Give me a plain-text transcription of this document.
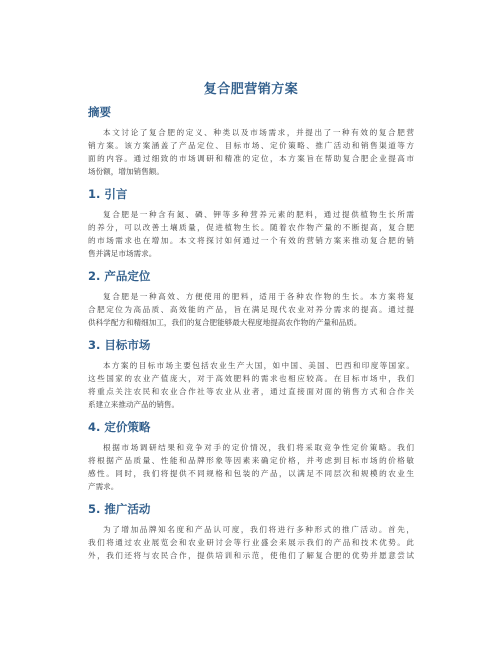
复合肥营销方案
摘要
本文讨论了复合肥的定义、种类以及市场需求，并提出了一种有效的复合肥营
销方案。该方案涵盖了产品定位、目标市场、定价策略、推广活动和销售渠道等方
面的内容。通过细致的市场调研和精准的定位，本方案旨在帮助复合肥企业提高市
场份额，增加销售额。
1. 引言
复合肥是一种含有氮、磷、钾等多种营养元素的肥料，通过提供植物生长所需
的养分，可以改善土壤质量，促进植物生长。随着农作物产量的不断提高，复合肥
的市场需求也在增加。本文将探讨如何通过一个有效的营销方案来推动复合肥的销
售并满足市场需求。
2. 产品定位
复合肥是一种高效、方便使用的肥料，适用于各种农作物的生长。本方案将复
合肥定位为高品质、高效能的产品，旨在满足现代农业对养分需求的提高。通过提
供科学配方和精细加工，我们的复合肥能够最大程度地提高农作物的产量和品质。
3. 目标市场
本方案的目标市场主要包括农业生产大国，如中国、美国、巴西和印度等国家。
这些国家的农业产值庞大，对于高效肥料的需求也相应较高。在目标市场中，我们
将重点关注农民和农业合作社等农业从业者，通过直接面对面的销售方式和合作关
系建立来推动产品的销售。
4. 定价策略
根据市场调研结果和竞争对手的定价情况，我们将采取竞争性定价策略。我们
将根据产品质量、性能和品牌形象等因素来确定价格，并考虑到目标市场的价格敏
感性。同时，我们将提供不同规格和包装的产品，以满足不同层次和规模的农业生
产需求。
5. 推广活动
为了增加品牌知名度和产品认可度，我们将进行多种形式的推广活动。首先，
我们将通过农业展览会和农业研讨会等行业盛会来展示我们的产品和技术优势。此
外，我们还将与农民合作，提供培训和示范，使他们了解复合肥的优势并愿意尝试
